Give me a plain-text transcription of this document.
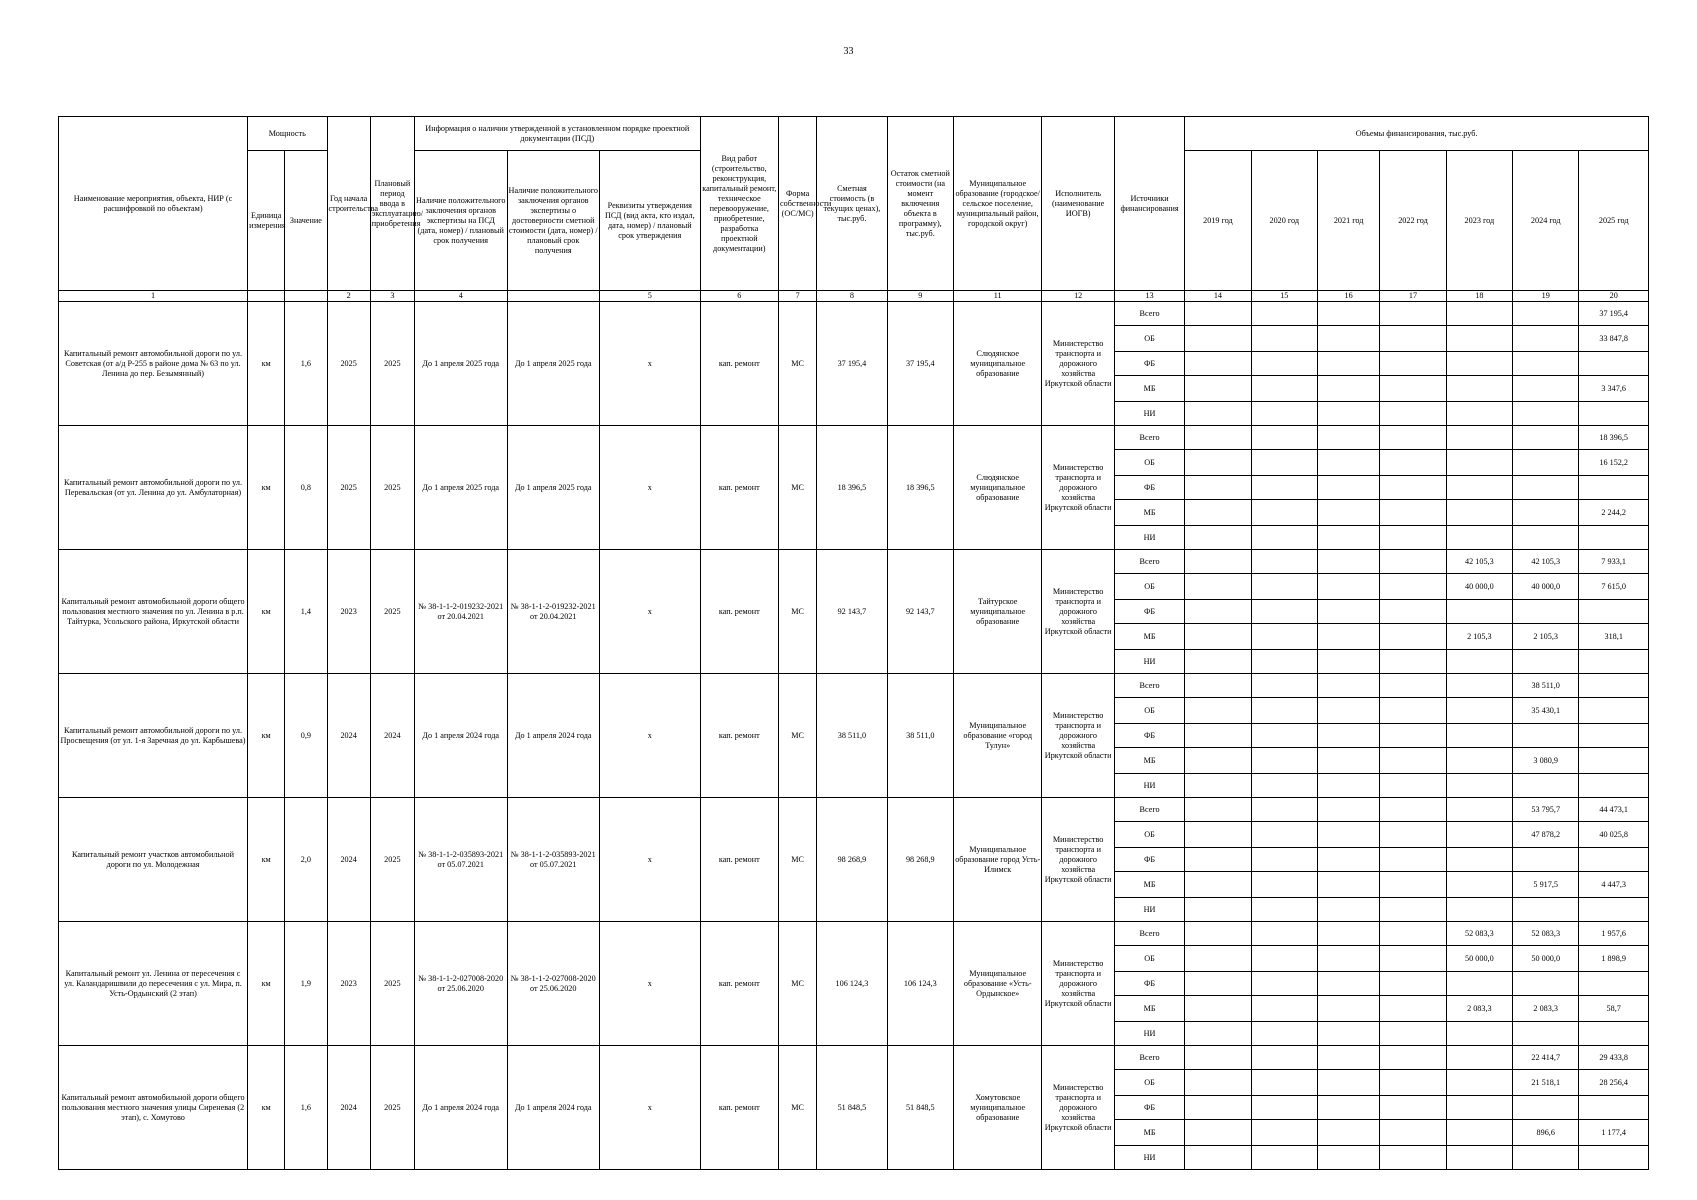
33
Наименование мероприятия, объекта, НИР (с расшифровкой по объектам)	Мощность		Год начала строительства	Плановый период ввода в эксплуатацию/приобретения	Информация о наличии утвержденной в установленном порядке проектной документации (ПСД)			Вид работ (строительство, реконструкция, капитальный ремонт, техническое перевооружение, приобретение, разработка проектной документации)	Форма собственности (ОС/МС)	Сметная стоимость (в текущих ценах), тыс.руб.	Остаток сметной стоимости (на момент включения объекта в программу), тыс.руб.	Муниципальное образование (городское/сельское поселение, муниципальный район, городской округ)	Исполнитель (наименование ИОГВ)	Источники финансирования	Объемы финансирования, тыс.руб.						
	Единица измерения	Значение			Наличие положительного заключения органов экспертизы на ПСД (дата, номер) / плановый срок получения	Наличие положительного заключения органов экспертизы о достоверности сметной стоимости (дата, номер) / плановый срок получения	Реквизиты утверждения ПСД (вид акта, кто издал, дата, номер) / плановый срок утверждения								2019 год	2020 год	2021 год	2022 год	2023 год	2024 год	2025 год
1			2	3	4		5	6	7	8	9	11	12	13	14	15	16	17	18	19	20
Капитальный ремонт автомобильной дороги по ул. Советская (от а/д Р-255 в районе дома № 63 по ул. Ленина до пер. Безымянный)	км	1,6	2025	2025	До 1 апреля 2025 года	До 1 апреля 2025 года	х	кап. ремонт	МС	37 195,4	37 195,4	Слюдянское муниципальное образование	Министерство транспорта и дорожного хозяйства Иркутской области	Всего							37 195,4
														ОБ							33 847,8
														ФБ							
														МБ							3 347,6
														НИ							
Капитальный ремонт автомобильной дороги по ул. Перевальская (от ул. Ленина до ул. Амбулаторная)	км	0,8	2025	2025	До 1 апреля 2025 года	До 1 апреля 2025 года	х	кап. ремонт	МС	18 396,5	18 396,5	Слюдянское муниципальное образование	Министерство транспорта и дорожного хозяйства Иркутской области	Всего							18 396,5
														ОБ							16 152,2
														ФБ							
														МБ							2 244,2
														НИ							
Капитальный ремонт автомобильной дороги общего пользования местного значения по ул. Ленина в р.п. Тайтурка, Усольского района, Иркутской области	км	1,4	2023	2025	№ 38-1-1-2-019232-2021 от 20.04.2021	№ 38-1-1-2-019232-2021 от 20.04.2021	х	кап. ремонт	МС	92 143,7	92 143,7	Тайтурское муниципальное образование	Министерство транспорта и дорожного хозяйства Иркутской области	Всего					42 105,3	42 105,3	7 933,1
														ОБ					40 000,0	40 000,0	7 615,0
														ФБ							
														МБ					2 105,3	2 105,3	318,1
														НИ							
Капитальный ремонт автомобильной дороги по ул. Просвещения (от ул. 1-я Заречная до ул. Карбышева)	км	0,9	2024	2024	До 1 апреля 2024 года	До 1 апреля 2024 года	х	кап. ремонт	МС	38 511,0	38 511,0	Муниципальное образование «город Тулун»	Министерство транспорта и дорожного хозяйства Иркутской области	Всего						38 511,0	
														ОБ						35 430,1	
														ФБ							
														МБ						3 080,9	
														НИ							
Капитальный ремонт участков автомобильной дороги по ул. Молодежная	км	2,0	2024	2025	№ 38-1-1-2-035893-2021 от 05.07.2021	№ 38-1-1-2-035893-2021 от 05.07.2021	х	кап. ремонт	МС	98 268,9	98 268,9	Муниципальное образование город Усть-Илимск	Министерство транспорта и дорожного хозяйства Иркутской области	Всего						53 795,7	44 473,1
														ОБ						47 878,2	40 025,8
														ФБ							
														МБ						5 917,5	4 447,3
														НИ							
Капитальный ремонт ул. Ленина от пересечения с ул. Каландаришвили до пересечения с ул. Мира, п. Усть-Ордынский (2 этап)	км	1,9	2023	2025	№ 38-1-1-2-027008-2020 от 25.06.2020	№ 38-1-1-2-027008-2020 от 25.06.2020	х	кап. ремонт	МС	106 124,3	106 124,3	Муниципальное образование «Усть-Ордынское»	Министерство транспорта и дорожного хозяйства Иркутской области	Всего					52 083,3	52 083,3	1 957,6
														ОБ					50 000,0	50 000,0	1 898,9
														ФБ							
														МБ					2 083,3	2 083,3	58,7
														НИ							
Капитальный ремонт автомобильной дороги общего пользования местного значения улицы Сиреневая (2 этап), с. Хомутово	км	1,6	2024	2025	До 1 апреля 2024 года	До 1 апреля 2024 года	х	кап. ремонт	МС	51 848,5	51 848,5	Хомутовское муниципальное образование	Министерство транспорта и дорожного хозяйства Иркутской области	Всего						22 414,7	29 433,8
														ОБ						21 518,1	28 256,4
														ФБ							
														МБ						896,6	1 177,4
														НИ							
